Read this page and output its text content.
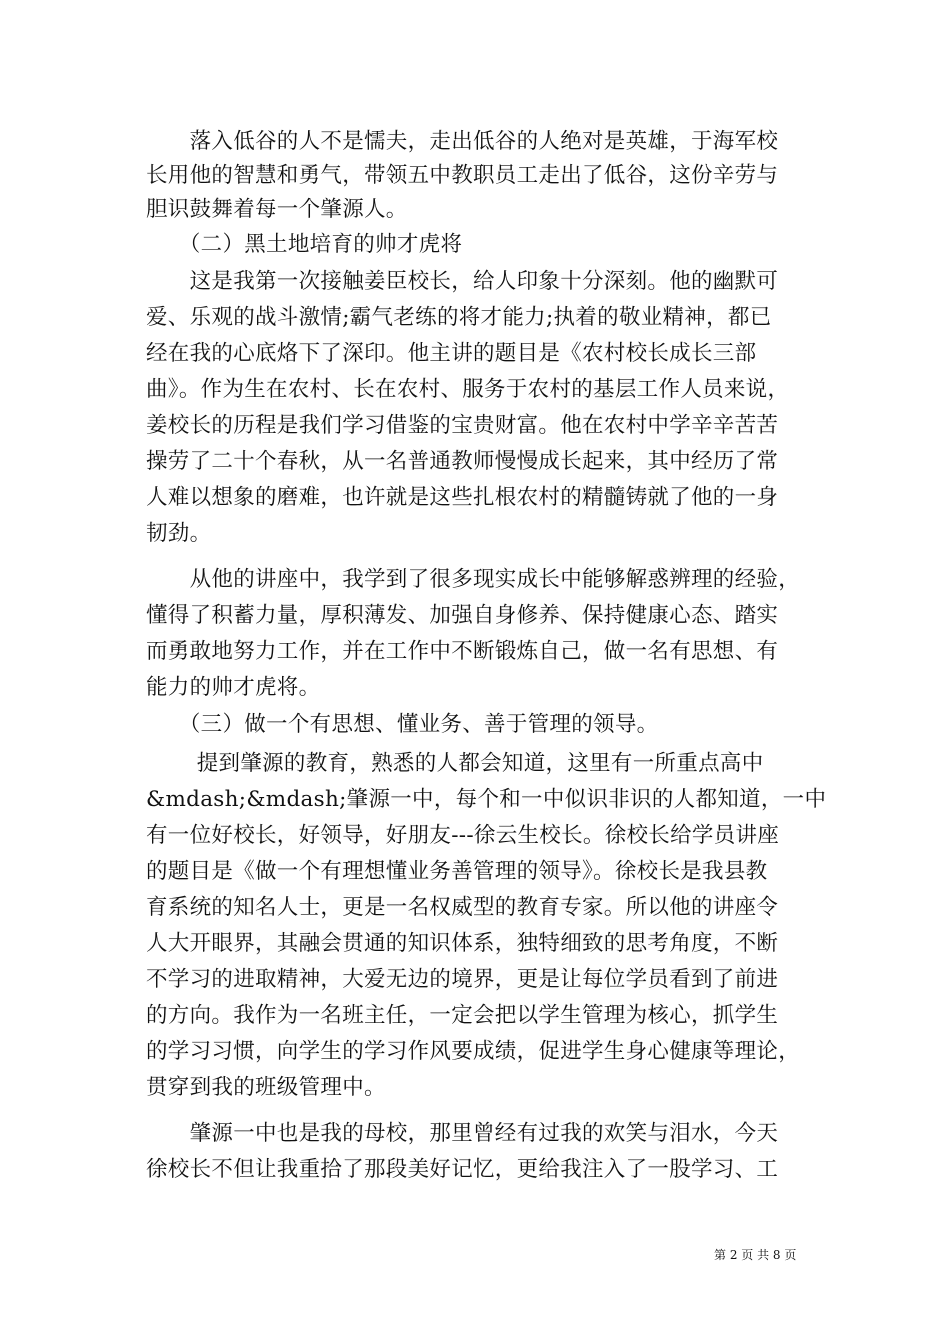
　　落入低谷的人不是懦夫，走出低谷的人绝对是英雄，于海军校
长用他的智慧和勇气，带领五中教职员工走出了低谷，这份辛劳与
胆识鼓舞着每一个肇源人。
　　（二）黑土地培育的帅才虎将
　　这是我第一次接触姜臣校长，给人印象十分深刻。他的幽默可
爱、乐观的战斗激情;霸气老练的将才能力;执着的敬业精神，都已
经在我的心底烙下了深印。他主讲的题目是《农村校长成长三部
曲》。作为生在农村、长在农村、服务于农村的基层工作人员来说，
姜校长的历程是我们学习借鉴的宝贵财富。他在农村中学辛辛苦苦
操劳了二十个春秋，从一名普通教师慢慢成长起来，其中经历了常
人难以想象的磨难，也许就是这些扎根农村的精髓铸就了他的一身
韧劲。
　　从他的讲座中，我学到了很多现实成长中能够解惑辨理的经验，
懂得了积蓄力量，厚积薄发、加强自身修养、保持健康心态、踏实
而勇敢地努力工作，并在工作中不断锻炼自己，做一名有思想、有
能力的帅才虎将。
　　（三）做一个有思想、懂业务、善于管理的领导。
　　 提到肇源的教育，熟悉的人都会知道，这里有一所重点高中
&mdash;&mdash;肇源一中，每个和一中似识非识的人都知道，一中
有一位好校长，好领导，好朋友---徐云生校长。徐校长给学员讲座
的题目是《做一个有理想懂业务善管理的领导》。徐校长是我县教
育系统的知名人士，更是一名权威型的教育专家。所以他的讲座令
人大开眼界，其融会贯通的知识体系，独特细致的思考角度，不断
不学习的进取精神，大爱无边的境界，更是让每位学员看到了前进
的方向。我作为一名班主任，一定会把以学生管理为核心，抓学生
的学习习惯，向学生的学习作风要成绩，促进学生身心健康等理论，
贯穿到我的班级管理中。
　　肇源一中也是我的母校，那里曾经有过我的欢笑与泪水，今天
徐校长不但让我重拾了那段美好记忆，更给我注入了一股学习、工
第 2 页 共 8 页
